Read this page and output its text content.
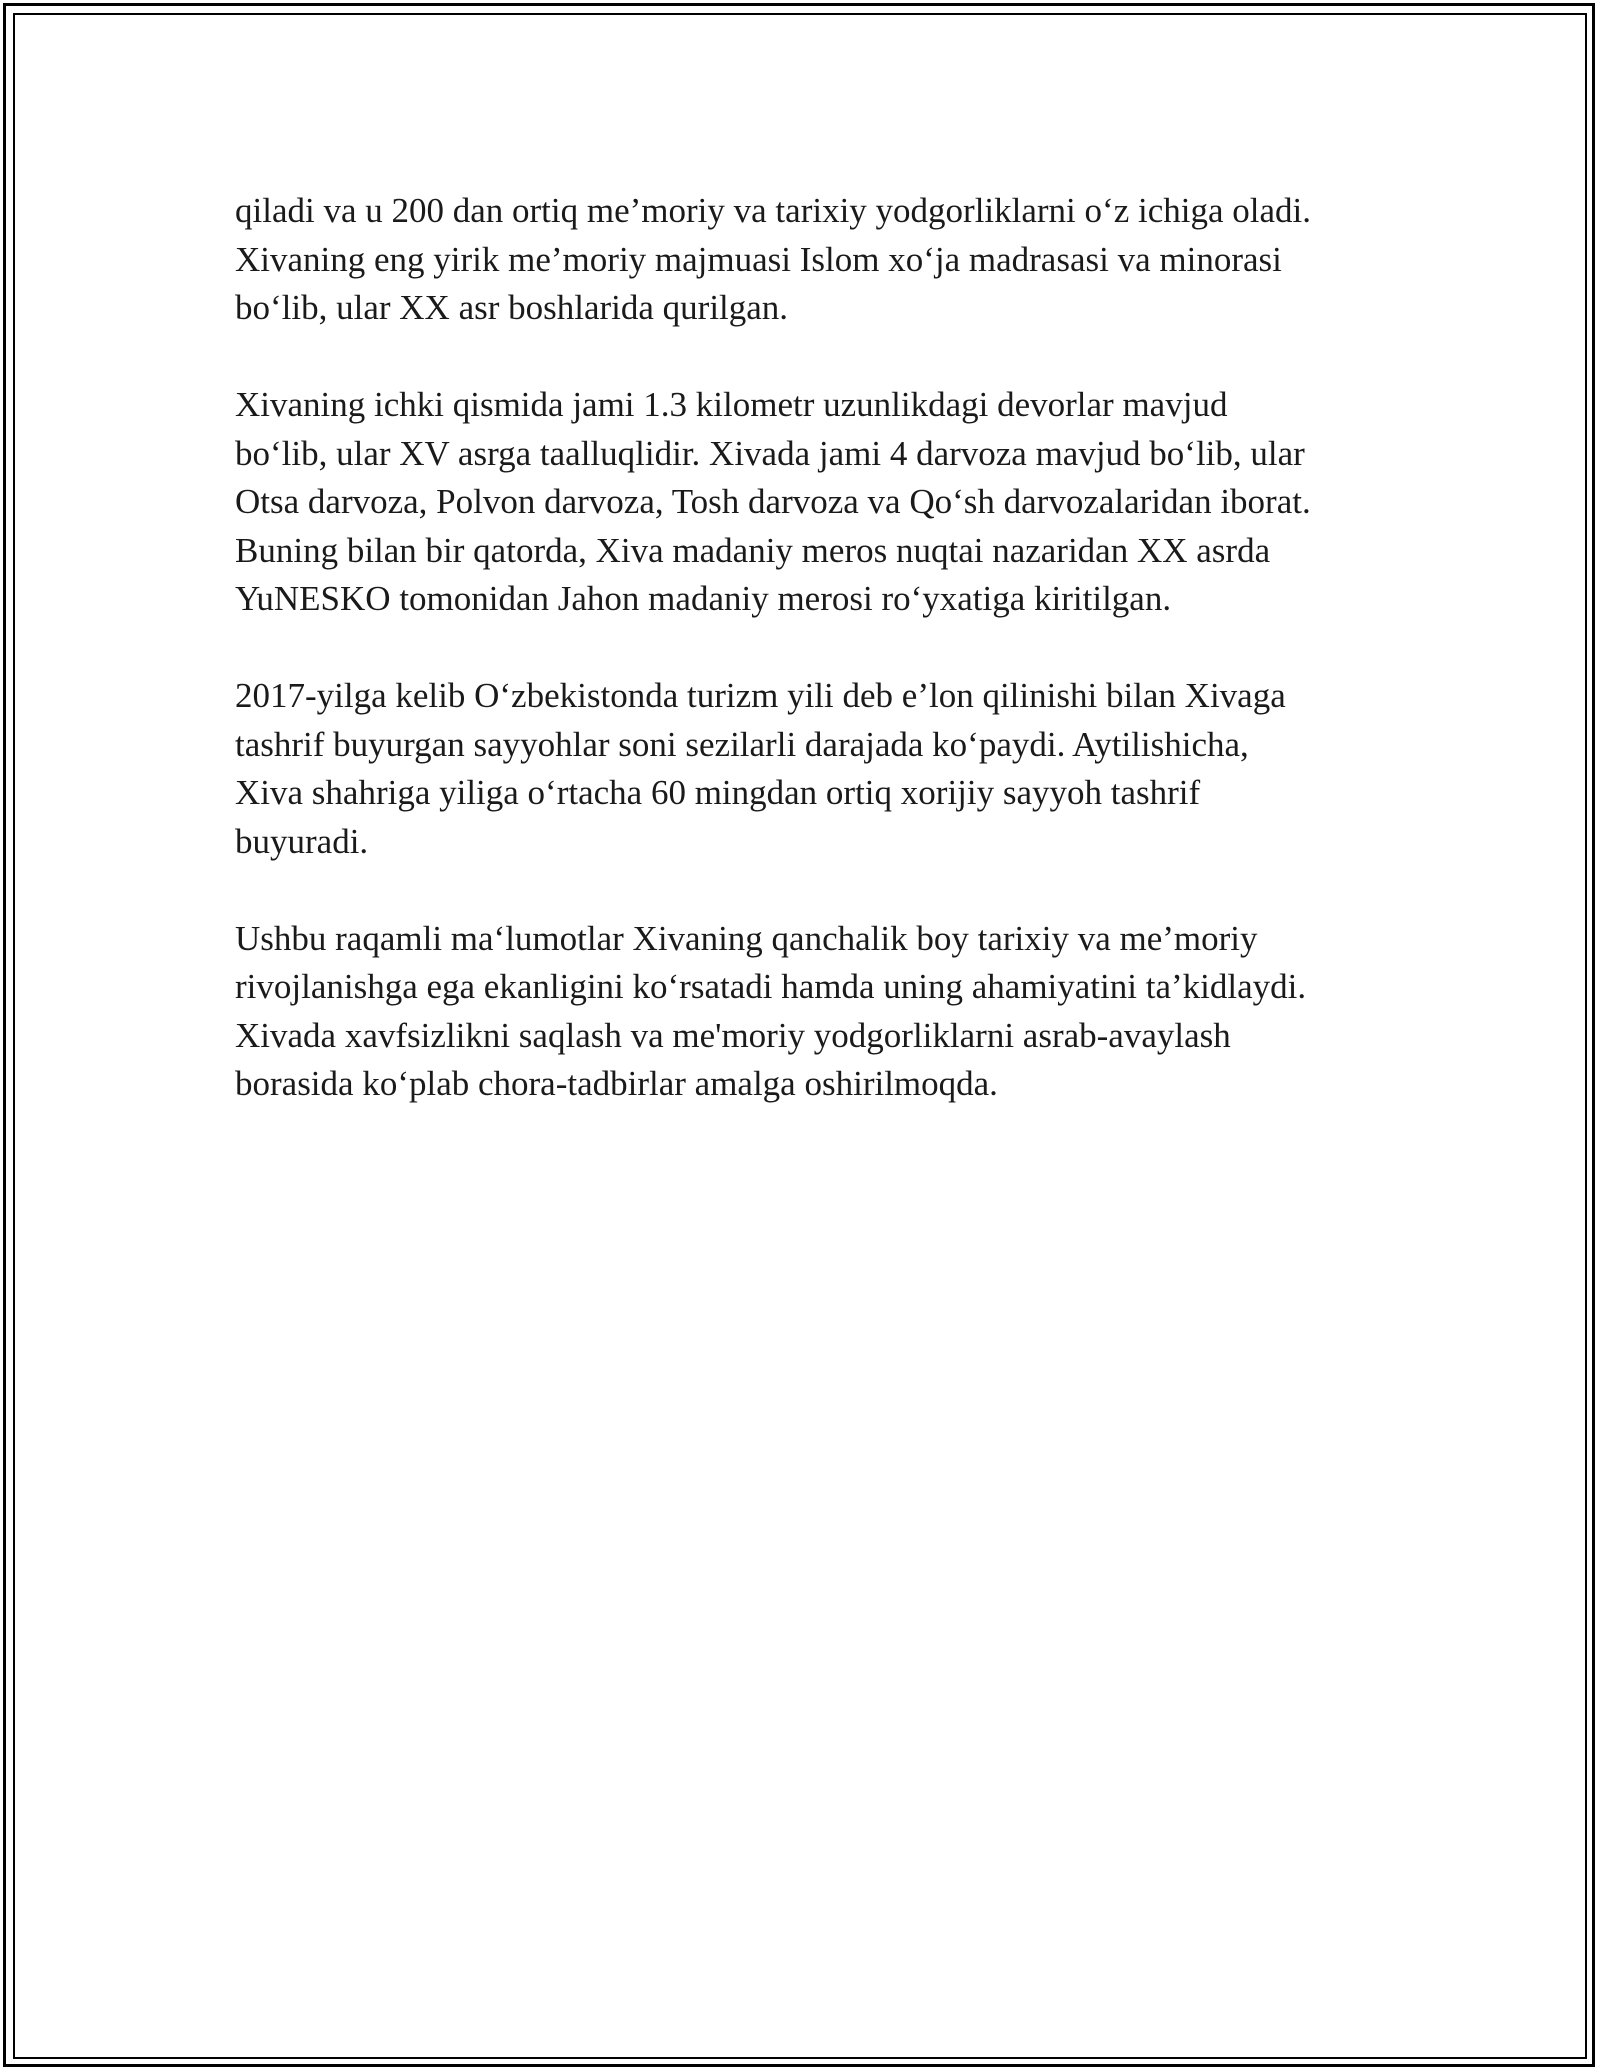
qiladi va u 200 dan ortiq me’moriy va tarixiy yodgorliklarni o‘z ichiga oladi.
Xivaning eng yirik me’moriy majmuasi Islom xo‘ja madrasasi va minorasi
bo‘lib, ular XX asr boshlarida qurilgan.

Xivaning ichki qismida jami 1.3 kilometr uzunlikdagi devorlar mavjud
bo‘lib, ular XV asrga taalluqlidir. Xivada jami 4 darvoza mavjud bo‘lib, ular
Otsa darvoza, Polvon darvoza, Tosh darvoza va Qo‘sh darvozalaridan iborat.
Buning bilan bir qatorda, Xiva madaniy meros nuqtai nazaridan XX asrda
YuNESKO tomonidan Jahon madaniy merosi ro‘yxatiga kiritilgan.

2017-yilga kelib O‘zbekistonda turizm yili deb e’lon qilinishi bilan Xivaga
tashrif buyurgan sayyohlar soni sezilarli darajada ko‘paydi. Aytilishicha,
Xiva shahriga yiliga o‘rtacha 60 mingdan ortiq xorijiy sayyoh tashrif
buyuradi.

Ushbu raqamli ma‘lumotlar Xivaning qanchalik boy tarixiy va me’moriy
rivojlanishga ega ekanligini ko‘rsatadi hamda uning ahamiyatini ta’kidlaydi.
Xivada xavfsizlikni saqlash va me'moriy yodgorliklarni asrab-avaylash
borasida ko‘plab chora-tadbirlar amalga oshirilmoqda.
